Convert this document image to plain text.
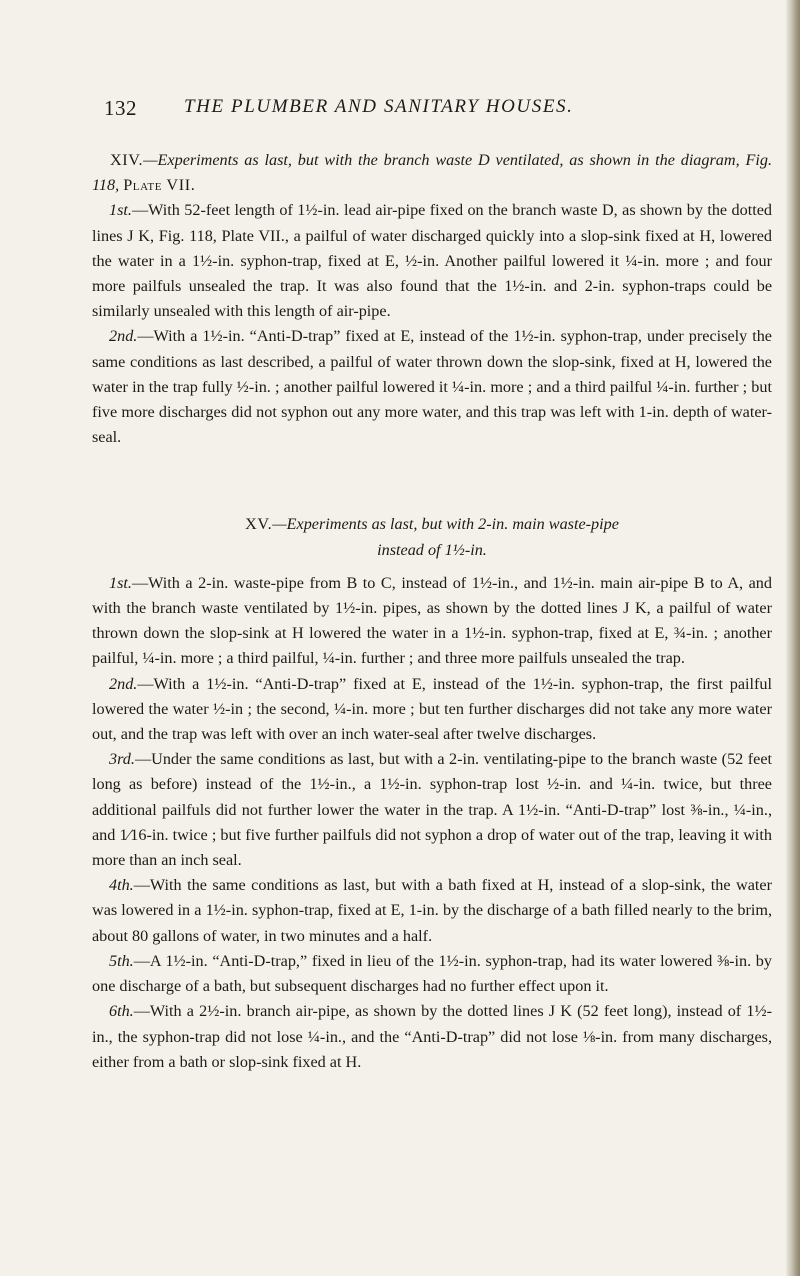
132 THE PLUMBER AND SANITARY HOUSES.

XIV.—Experiments as last, but with the branch waste D ventilated, as shown in the diagram, Fig. 118, Plate VII.

1st.—With 52-feet length of 1½-in. lead air-pipe fixed on the branch waste D, as shown by the dotted lines J K, Fig. 118, Plate VII., a pailful of water discharged quickly into a slop-sink fixed at H, lowered the water in a 1½-in. syphon-trap, fixed at E, ½-in. Another pailful lowered it ¼-in. more ; and four more pailfuls unsealed the trap. It was also found that the 1½-in. and 2-in. syphon-traps could be similarly unsealed with this length of air-pipe.

2nd.—With a 1½-in. “Anti-D-trap” fixed at E, instead of the 1½-in. syphon-trap, under precisely the same conditions as last described, a pailful of water thrown down the slop-sink, fixed at H, lowered the water in the trap fully ½-in. ; another pailful lowered it ¼-in. more ; and a third pailful ¼-in. further ; but five more discharges did not syphon out any more water, and this trap was left with 1-in. depth of water-seal.

XV.—Experiments as last, but with 2-in. main waste-pipe
instead of 1½-in.

1st.—With a 2-in. waste-pipe from B to C, instead of 1½-in., and 1½-in. main air-pipe B to A, and with the branch waste ventilated by 1½-in. pipes, as shown by the dotted lines J K, a pailful of water thrown down the slop-sink at H lowered the water in a 1½-in. syphon-trap, fixed at E, ¾-in. ; another pailful, ¼-in. more ; a third pailful, ¼-in. further ; and three more pailfuls unsealed the trap.

2nd.—With a 1½-in. “Anti-D-trap” fixed at E, instead of the 1½-in. syphon-trap, the first pailful lowered the water ½-in ; the second, ¼-in. more ; but ten further discharges did not take any more water out, and the trap was left with over an inch water-seal after twelve discharges.

3rd.—Under the same conditions as last, but with a 2-in. ventilating-pipe to the branch waste (52 feet long as before) instead of the 1½-in., a 1½-in. syphon-trap lost ½-in. and ¼-in. twice, but three additional pailfuls did not further lower the water in the trap. A 1½-in. “Anti-D-trap” lost ⅜-in., ¼-in., and 1⁄16-in. twice ; but five further pailfuls did not syphon a drop of water out of the trap, leaving it with more than an inch seal.

4th.—With the same conditions as last, but with a bath fixed at H, instead of a slop-sink, the water was lowered in a 1½-in. syphon-trap, fixed at E, 1-in. by the discharge of a bath filled nearly to the brim, about 80 gallons of water, in two minutes and a half.

5th.—A 1½-in. “Anti-D-trap,” fixed in lieu of the 1½-in. syphon-trap, had its water lowered ⅜-in. by one discharge of a bath, but subsequent discharges had no further effect upon it.

6th.—With a 2½-in. branch air-pipe, as shown by the dotted lines J K (52 feet long), instead of 1½-in., the syphon-trap did not lose ¼-in., and the “Anti-D-trap” did not lose ⅛-in. from many discharges, either from a bath or slop-sink fixed at H.
